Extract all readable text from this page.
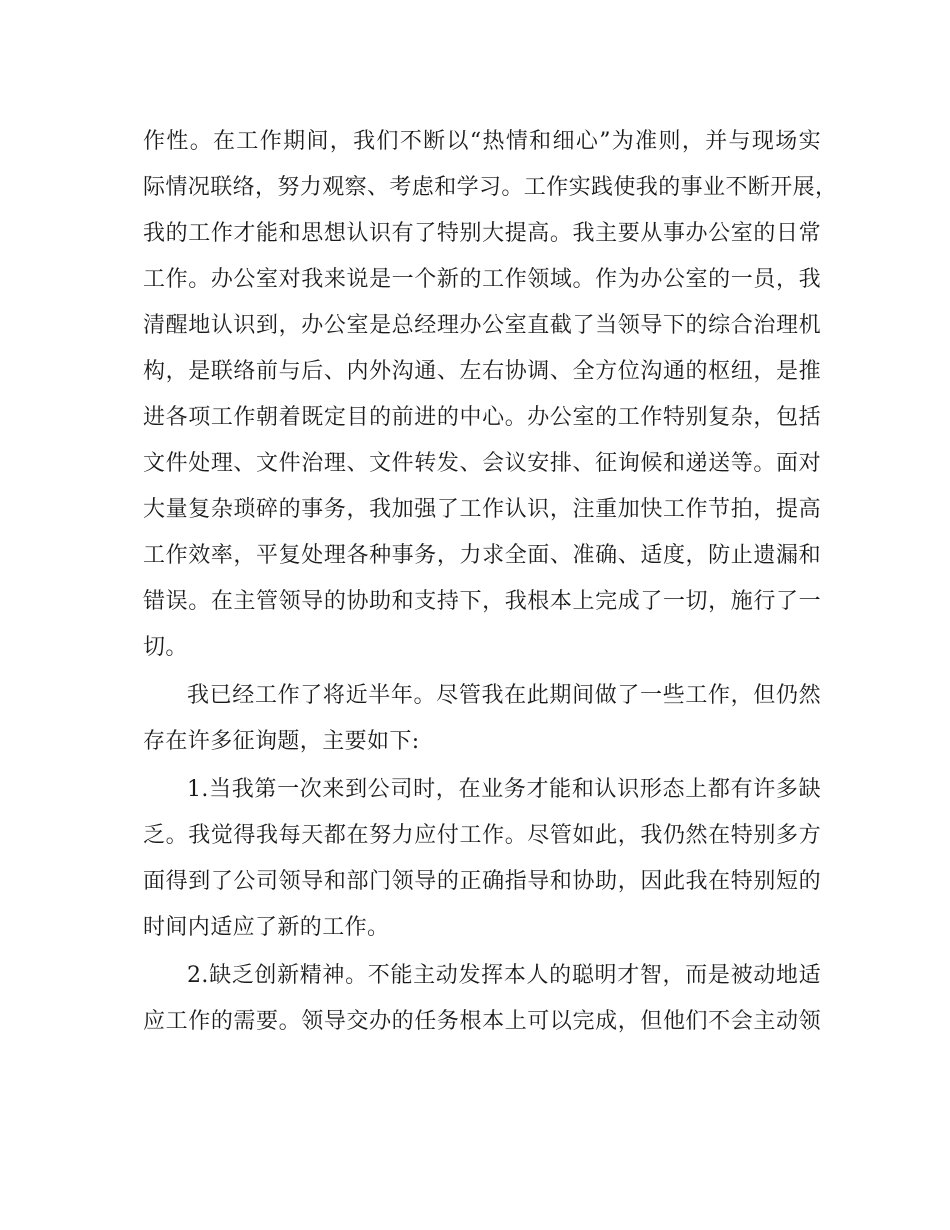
作性。在工作期间，我们不断以“热情和细心”为准则，并与现场实
际情况联络，努力观察、考虑和学习。工作实践使我的事业不断开展，
我的工作才能和思想认识有了特别大提高。我主要从事办公室的日常
工作。办公室对我来说是一个新的工作领域。作为办公室的一员，我
清醒地认识到，办公室是总经理办公室直截了当领导下的综合治理机
构，是联络前与后、内外沟通、左右协调、全方位沟通的枢纽，是推
进各项工作朝着既定目的前进的中心。办公室的工作特别复杂，包括
文件处理、文件治理、文件转发、会议安排、征询候和递送等。面对
大量复杂琐碎的事务，我加强了工作认识，注重加快工作节拍，提高
工作效率，平复处理各种事务，力求全面、准确、适度，防止遗漏和
错误。在主管领导的协助和支持下，我根本上完成了一切，施行了一
切。
我已经工作了将近半年。尽管我在此期间做了一些工作，但仍然
存在许多征询题，主要如下:
1.当我第一次来到公司时，在业务才能和认识形态上都有许多缺
乏。我觉得我每天都在努力应付工作。尽管如此，我仍然在特别多方
面得到了公司领导和部门领导的正确指导和协助，因此我在特别短的
时间内适应了新的工作。
2.缺乏创新精神。不能主动发挥本人的聪明才智，而是被动地适
应工作的需要。领导交办的任务根本上可以完成，但他们不会主动领
